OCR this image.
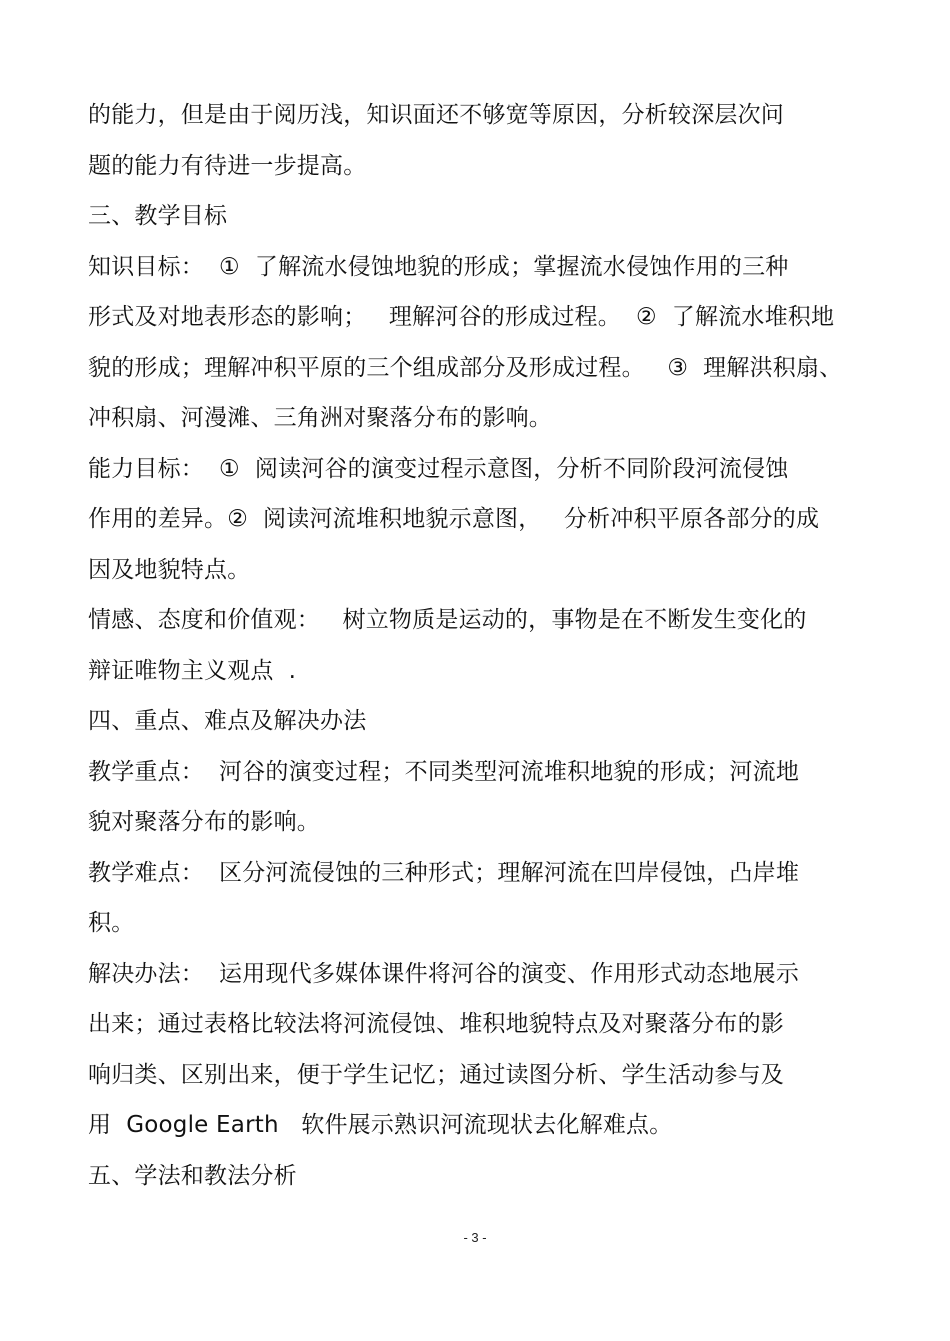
的能力，但是由于阅历浅，知识面还不够宽等原因，分析较深层次问
题的能力有待进一步提高。
三、教学目标
知识目标：  ①  了解流水侵蚀地貌的形成；掌握流水侵蚀作用的三种
形式及对地表形态的影响；   理解河谷的形成过程。  ②  了解流水堆积地
貌的形成；理解冲积平原的三个组成部分及形成过程。   ③  理解洪积扇、
冲积扇、河漫滩、三角洲对聚落分布的影响。
能力目标：  ①  阅读河谷的演变过程示意图，分析不同阶段河流侵蚀
作用的差异。②  阅读河流堆积地貌示意图，   分析冲积平原各部分的成
因及地貌特点。
情感、态度和价值观：   树立物质是运动的，事物是在不断发生变化的
辩证唯物主义观点  .
四、重点、难点及解决办法
教学重点：  河谷的演变过程；不同类型河流堆积地貌的形成；河流地
貌对聚落分布的影响。
教学难点：  区分河流侵蚀的三种形式；理解河流在凹岸侵蚀，凸岸堆
积。
解决办法：  运用现代多媒体课件将河谷的演变、作用形式动态地展示
出来；通过表格比较法将河流侵蚀、堆积地貌特点及对聚落分布的影
响归类、区别出来，便于学生记忆；通过读图分析、学生活动参与及
用  Google Earth   软件展示熟识河流现状去化解难点。
五、学法和教法分析
- 3 -
